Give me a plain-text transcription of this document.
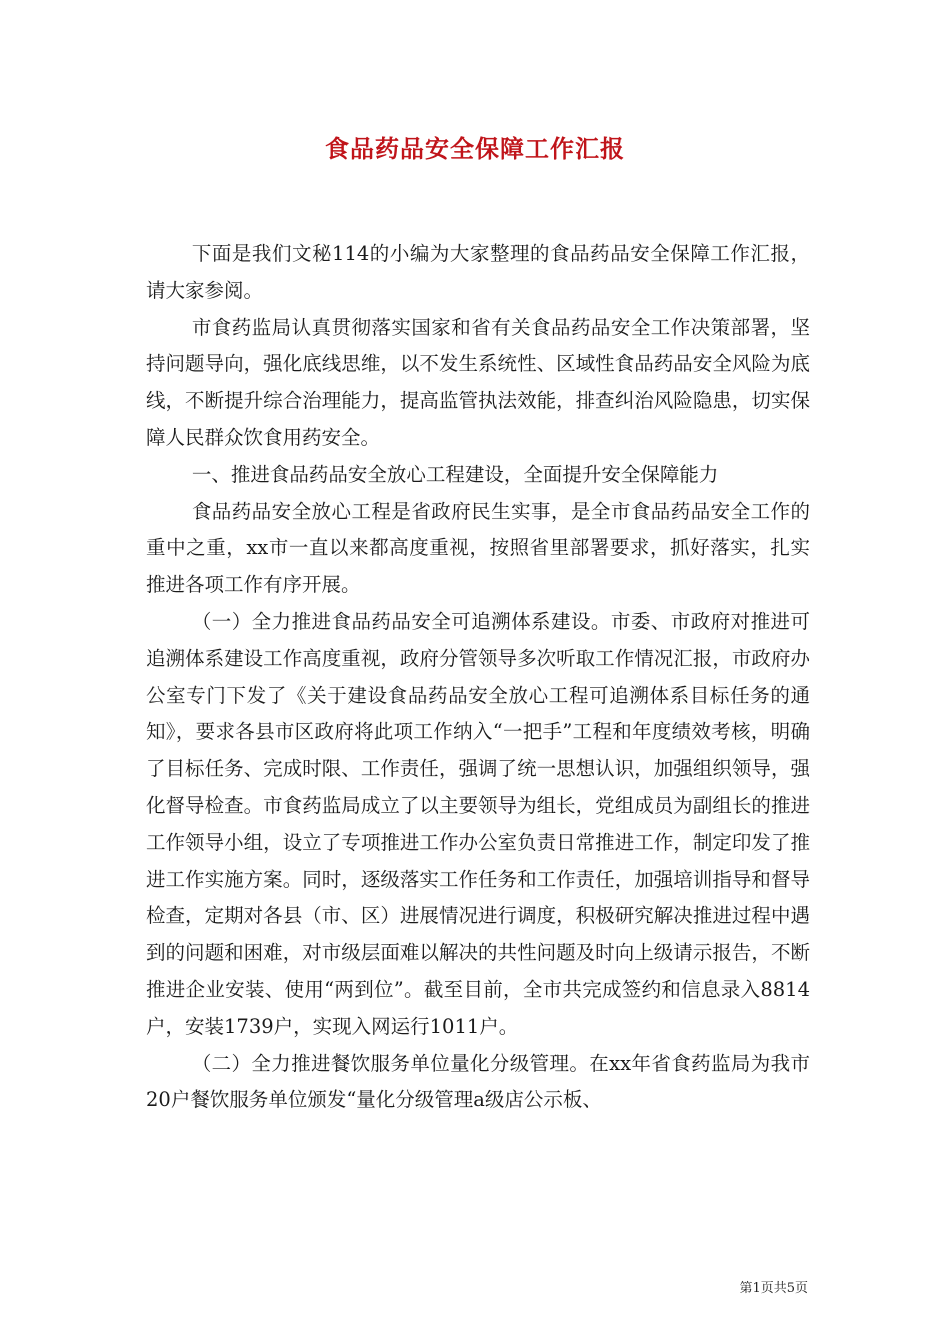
食品药品安全保障工作汇报

下面是我们文秘114的小编为大家整理的食品药品安全保障工作汇报，请大家参阅。

市食药监局认真贯彻落实国家和省有关食品药品安全工作决策部署，坚持问题导向，强化底线思维，以不发生系统性、区域性食品药品安全风险为底线，不断提升综合治理能力，提高监管执法效能，排查纠治风险隐患，切实保障人民群众饮食用药安全。

一、推进食品药品安全放心工程建设，全面提升安全保障能力

食品药品安全放心工程是省政府民生实事，是全市食品药品安全工作的重中之重，xx市一直以来都高度重视，按照省里部署要求，抓好落实，扎实推进各项工作有序开展。

（一）全力推进食品药品安全可追溯体系建设。市委、市政府对推进可追溯体系建设工作高度重视，政府分管领导多次听取工作情况汇报，市政府办公室专门下发了《关于建设食品药品安全放心工程可追溯体系目标任务的通知》，要求各县市区政府将此项工作纳入“一把手”工程和年度绩效考核，明确了目标任务、完成时限、工作责任，强调了统一思想认识，加强组织领导，强化督导检查。市食药监局成立了以主要领导为组长，党组成员为副组长的推进工作领导小组，设立了专项推进工作办公室负责日常推进工作，制定印发了推进工作实施方案。同时，逐级落实工作任务和工作责任，加强培训指导和督导检查，定期对各县（市、区）进展情况进行调度，积极研究解决推进过程中遇到的问题和困难，对市级层面难以解决的共性问题及时向上级请示报告，不断推进企业安装、使用“两到位”。截至目前，全市共完成签约和信息录入8814户，安装1739户，实现入网运行1011户。

（二）全力推进餐饮服务单位量化分级管理。在xx年省食药监局为我市20户餐饮服务单位颁发“量化分级管理a级店公示板、

第1页共5页
